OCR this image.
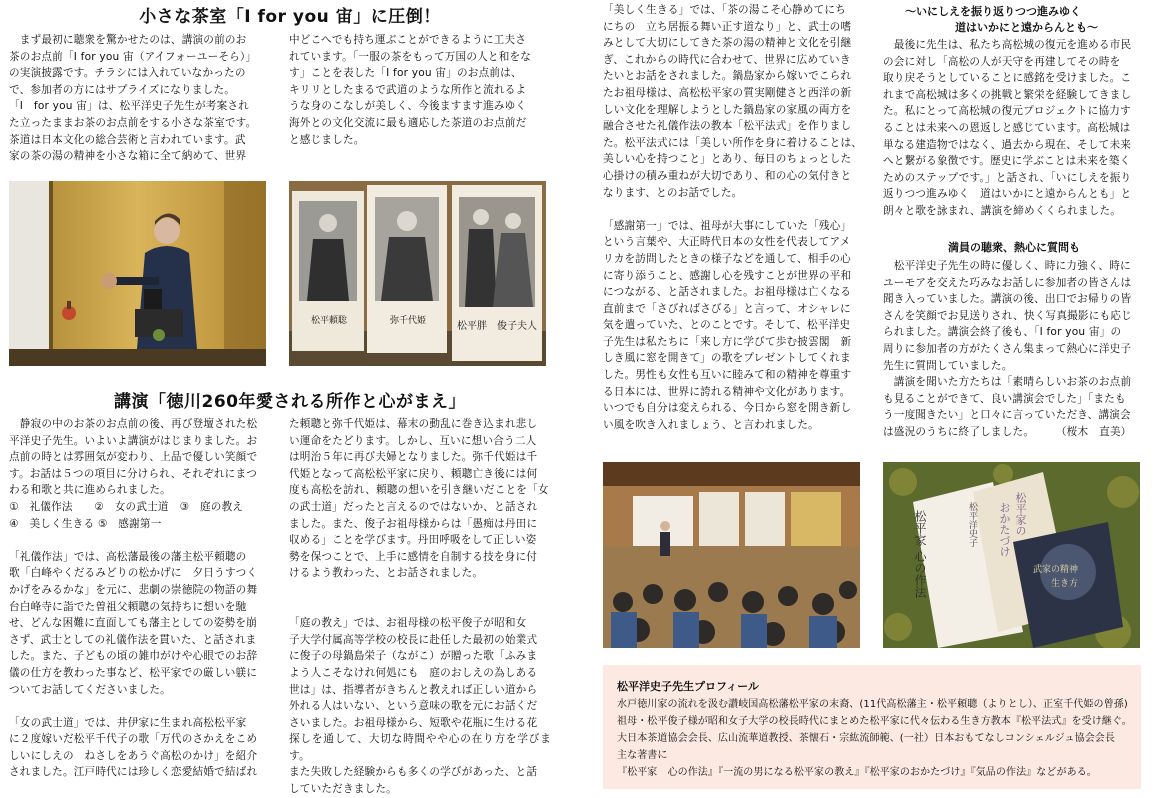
小さな茶室「I for you 宙」に圧倒！

　まず最初に聴衆を驚かせたのは、講演の前のお

茶のお点前「I for you 宙（アイフォーユーそら）」

の実演披露です。チラシには入れていなかったの

で、参加者の方にはサプライズになりました。

「I　for you 宙」は、松平洋史子先生が考案され

た立ったままお茶のお点前をする小さな茶室です。

茶道は日本文化の総合芸術と言われています。武

家の茶の湯の精神を小さな箱に全て納めて、世界

中どこへでも持ち運ぶことができるように工夫さ

れています。「一服の茶をもって万国の人と和をな

す」ことを表した「I for you 宙」のお点前は、

キリリとしたまるで武道のような所作と流れるよ

うな身のこなしが美しく、今後ますます進みゆく

海外との文化交流に最も適応した茶道のお点前だ

と感じました。

松平頼聡	弥千代姫	松平胖　俊子夫人
講演「徳川260年愛される所作と心がまえ」

　静寂の中のお茶のお点前の後、再び登壇された松

平洋史子先生。いよいよ講演がはじまりました。お

点前の時とは雰囲気が変わり、上品で優しい笑顔で

す。お話は５つの項目に分けられ、それぞれにまつ

わる和歌と共に進められました。

①　礼儀作法　　②　女の武士道　③　庭の教え

④　美しく生きる ⑤　感謝第一

「礼儀作法」では、高松藩最後の藩主松平頼聰の

歌「白峰やくだるみどりの松かげに　夕日うすつく

かげをみるかな」を元に、悲劇の崇徳院の物語の舞

台白峰寺に詣でた曽祖父頼聰の気持ちに想いを馳

せ、どんな困難に直面しても藩主としての姿勢を崩

さず、武士としての礼儀作法を貫いた、と話されま

した。また、子どもの頃の雑巾がけや心眼でのお辞

儀の仕方を教わった事など、松平家での厳しい躾に

ついてお話してくださいました。

「女の武士道」では、井伊家に生まれ高松松平家

に２度嫁いだ松平千代子の歌「万代のさかえをこめ

しいにしえの　ねさしをあうぐ高松のかけ」を紹介

されました。江戸時代には珍しく恋愛結婚で結ばれ

た頼聰と弥千代姫は、幕末の動乱に巻き込まれ悲し

い運命をたどります。しかし、互いに想い合う二人

は明治５年に再び夫婦となりました。弥千代姫は千

代姫となって高松松平家に戻り、頼聰亡き後には何

度も高松を訪れ、頼聰の想いを引き継いだことを「女

の武士道」だったと言えるのではないか、と話され

ました。また、俊子お祖母様からは「愚痴は丹田に

収める」ことを学びます。丹田呼吸をして正しい姿

勢を保つことで、上手に感情を自制する技を身に付

けるよう教わった、とお話されました。

「庭の教え」では、お祖母様の松平俊子が昭和女

子大学付属高等学校の校長に赴任した最初の始業式

に俊子の母鍋島栄子（ながこ）が贈った歌「ふみま

よう人こそなけれ何処にも　庭のおしえの為しある

世は」は、指導者がきちんと教えれば正しい道から

外れる人はいない、という意味の歌を元にお話くだ

さいました。お祖母様から、短歌や花瓶に生ける花

探しを通して、大切な時間やや心の在り方を学びます。

また失敗した経験からも多くの学びがあった、と話

していただきました。

「美しく生きる」では、「茶の湯こそ心静めてにち

にちの　立ち居振る舞い正す道なり」と、武士の嗜

みとして大切にしてきた茶の湯の精神と文化を引継

ぎ、これからの時代に合わせて、世界に広めていき

たいとお話をされました。鍋島家から嫁いでこられ

たお祖母様は、高松松平家の質実剛健さと西洋の新

しい文化を理解しようとした鍋島家の家風の両方を

融合させた礼儀作法の教本「松平法式」を作りまし

た。松平法式には「美しい所作を身に着けることは、

美しい心を持つこと」とあり、毎日のちょっとした

心掛けの積み重ねが大切であり、和の心の気付きと

なります、とのお話でした。

「感謝第一」では、祖母が大事にしていた「残心」

という言葉や、大正時代日本の女性を代表してアメ

リカを訪問したときの様子などを通して、相手の心

に寄り添うこと、感謝し心を残すことが世界の平和

につながる、と話されました。お祖母様は亡くなる

直前まで「さびればさびる」と言って、オシャレに

気を遣っていた、とのことです。そして、松平洋史

子先生は私たちに「来し方に学びて歩む披雲閣　新

しき風に窓を開きて」の歌をプレゼントしてくれま

した。男性も女性も互いに睦みて和の精神を尊重す

る日本には、世界に誇れる精神や文化があります。

いつでも自分は変えられる、今日から窓を開き新し

い風を吹き入れましょう、と言われました。

～いにしえを振り返りつつ進みゆく
道はいかにと遠からんとも～

　最後に先生は、私たち高松城の復元を進める市民

の会に対し「高松の人が天守を再建してその時を

取り戻そうとしていることに感銘を受けました。こ

れまで高松城は多くの挑戦と繁栄を経験してきまし

た。私にとって高松城の復元プロジェクトに協力す

ることは未来への恩返しと感じています。高松城は

単なる建造物ではなく、過去から現在、そして未来

へと繋がる象徴です。歴史に学ぶことは未来を築く

ためのステップです。」と話され、「いにしえを振り

返りつつ進みゆく　道はいかにと遠からんとも」と

朗々と歌を詠まれ、講演を締めくくられました。

満員の聴衆、熱心に質問も

　松平洋史子先生の時に優しく、時に力強く、時に

ユーモアを交えた巧みなお話しに参加者の皆さんは

聞き入っていました。講演の後、出口でお帰りの皆

さんを笑顔でお見送りされ、快く写真撮影にも応じ

られました。講演会終了後も、「I for you 宙」の

周りに参加者の方がたくさん集まって熱心に洋史子

先生に質問していました。

　講演を聞いた方たちは「素晴らしいお茶のお点前

も見ることができて、良い講演会でした」「またも

う一度聞きたい」と口々に言っていただき、講演会

は盛況のうちに終了しました。　　　（桜木　直美）

松平家 心の作法	松平洋史子	松平家の
おかたづけ
武家の精神
生き方
松平洋史子先生プロフィール
水戸徳川家の流れを汲む讃岐国高松藩松平家の末裔、(11代高松藩主・松平頼聰（よりとし）、正室千代姫の曾孫)
祖母・松平俊子様が昭和女子大学の校長時代にまとめた松平家に代々伝わる生き方教本『松平法式』を受け継ぐ。
大日本茶道協会会長、広山流華道教授、茶懐石・宗紘流師範、(一社）日本おもてなしコンシェルジュ協会会長
主な著書に
『松平家　心の作法』『一流の男になる松平家の教え』『松平家のおかたづけ』『気品の作法』などがある。
